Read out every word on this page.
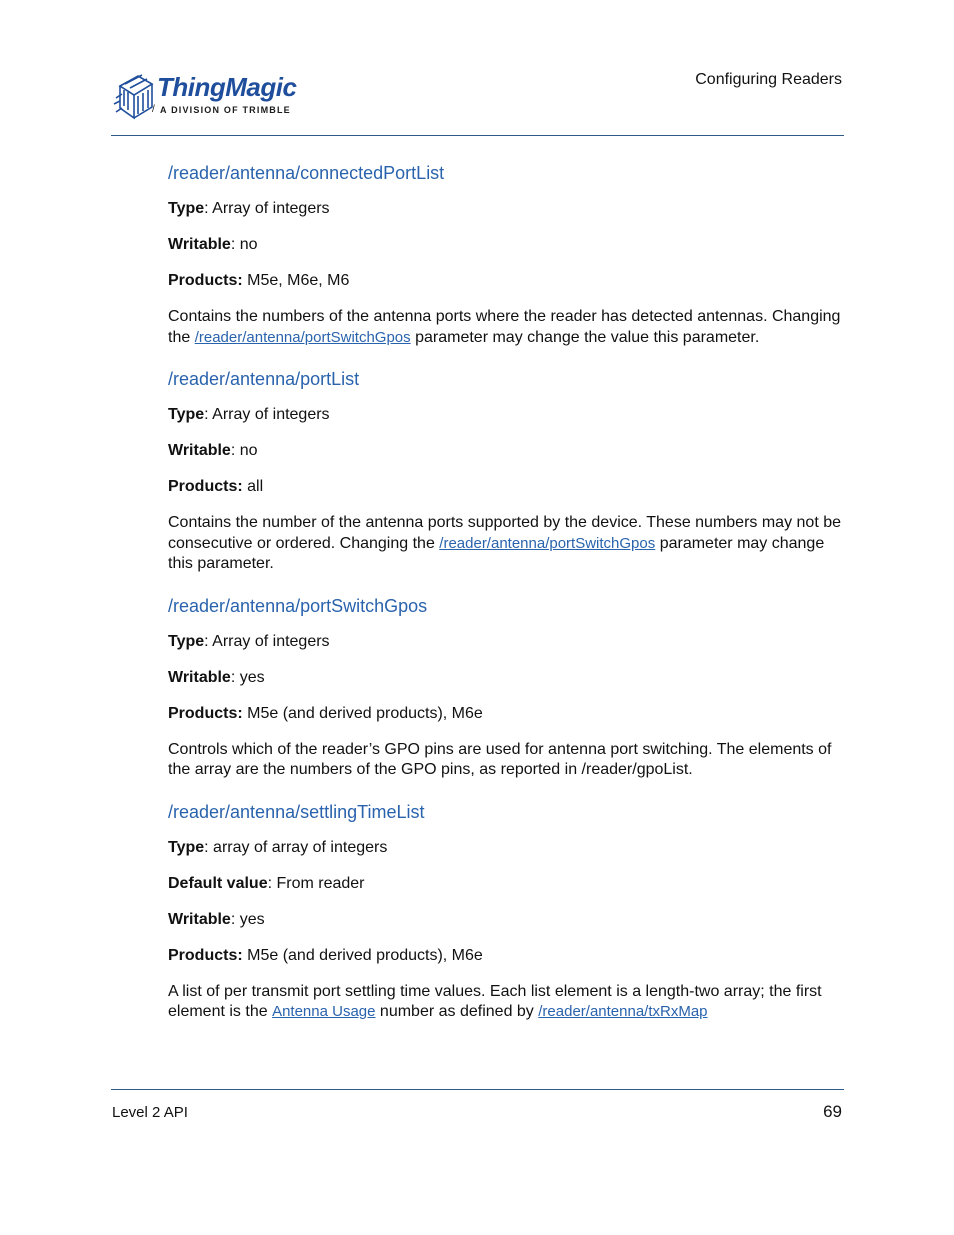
ThingMagic
/ A DIVISION OF TRIMBLE
Configuring Readers
/reader/antenna/connectedPortList

Type: Array of integers

Writable: no

Products: M5e, M6e, M6

Contains the numbers of the antenna ports where the reader has detected antennas. Changing the /reader/antenna/portSwitchGpos parameter may change the value this parameter.

/reader/antenna/portList

Type: Array of integers

Writable: no

Products: all

Contains the number of the antenna ports supported by the device. These numbers may not be consecutive or ordered. Changing the /reader/antenna/portSwitchGpos parameter may change this parameter.

/reader/antenna/portSwitchGpos

Type: Array of integers

Writable: yes

Products: M5e (and derived products), M6e

Controls which of the reader’s GPO pins are used for antenna port switching. The elements of the array are the numbers of the GPO pins, as reported in /reader/gpoList.

/reader/antenna/settlingTimeList

Type: array of array of integers

Default value: From reader

Writable: yes

Products: M5e (and derived products), M6e

A list of per transmit port settling time values. Each list element is a length-two array; the first element is the Antenna Usage number as defined by /reader/antenna/txRxMap

Level 2 API	69
